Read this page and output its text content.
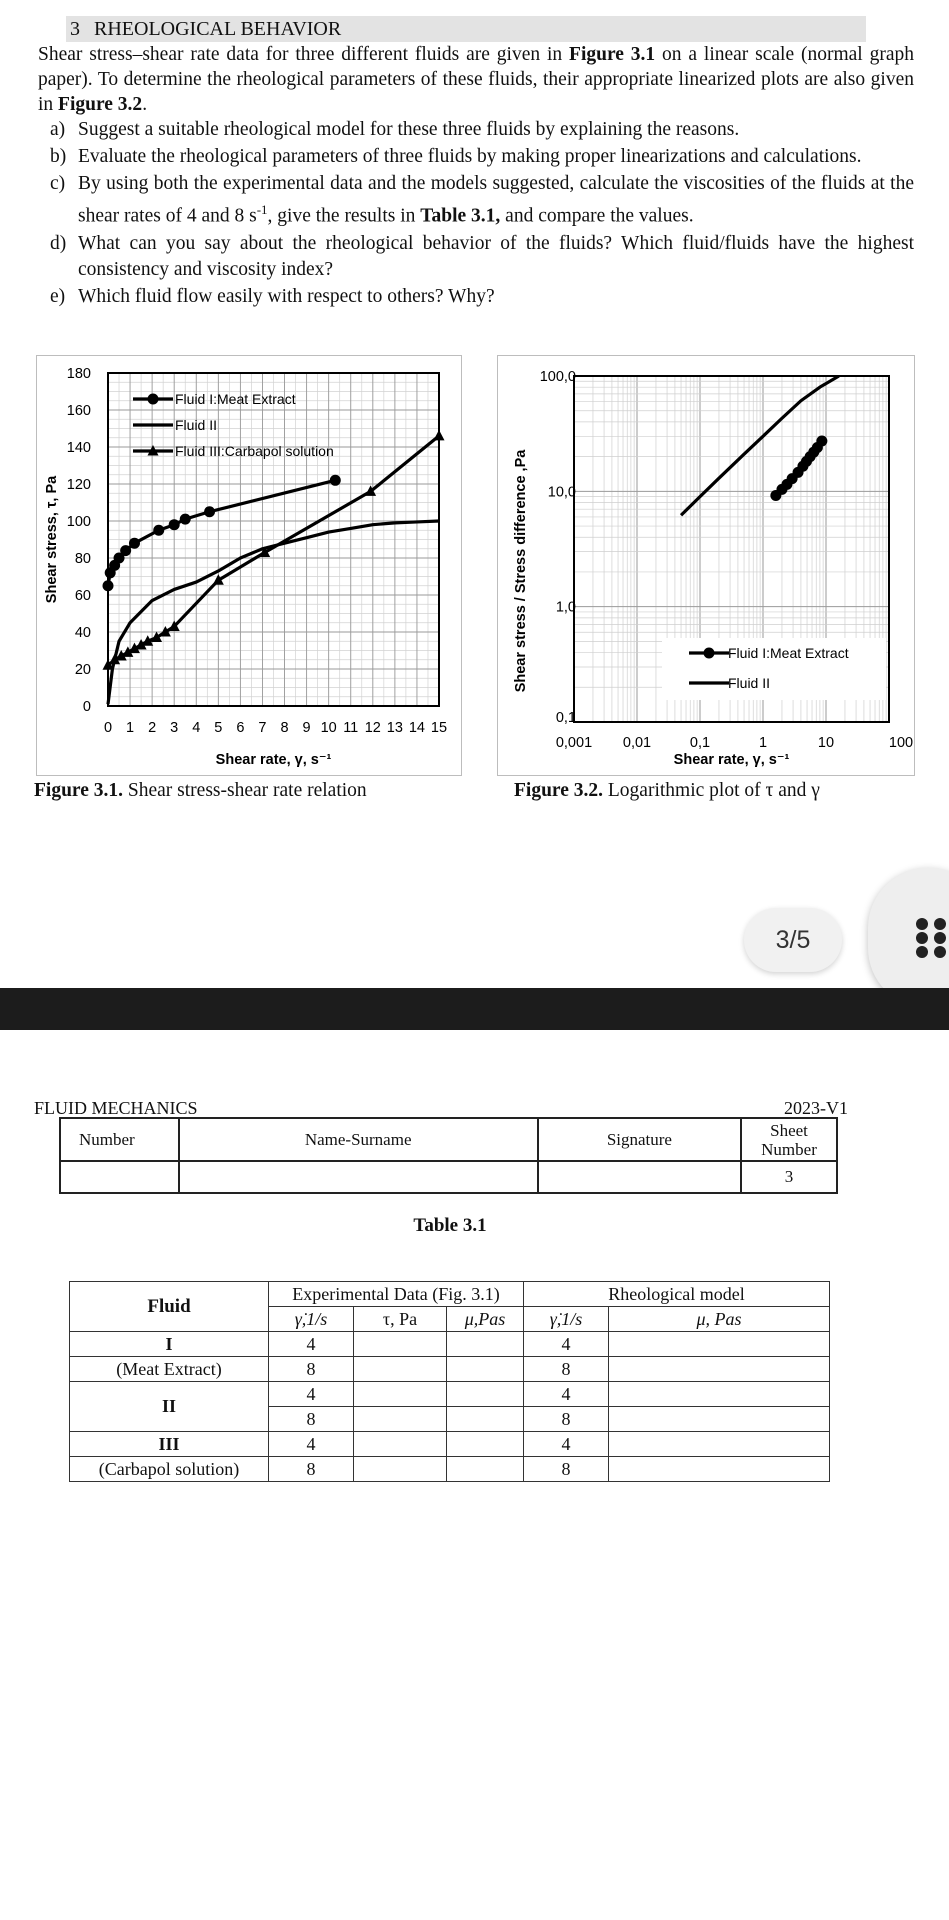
3 RHEOLOGICAL BEHAVIOR
Shear stress–shear rate data for three different fluids are given in Figure 3.1 on a linear scale (normal graph paper). To determine the rheological parameters of these fluids, their appropriate linearized plots are also given in Figure 3.2.
a) Suggest a suitable rheological model for these three fluids by explaining the reasons.
b) Evaluate the rheological parameters of three fluids by making proper linearizations and calculations.
c) By using both the experimental data and the models suggested, calculate the viscosities of the fluids at the shear rates of 4 and 8 $s^{-1}$, give the results in Table 3.1, and compare the values.
d) What can you say about the rheological behavior of the fluids? Which fluid/fluids have the highest consistency and viscosity index?
e) Which fluid flow easily with respect to others? Why?
0 1 2 3 4 5 6 7 8 9 10 11 12 13 14 15
0
20
40
60
80
100
120
140
160
180
Shear rate, γ, s⁻¹
Shear stress, τ, Pa
Fluid I:Meat Extract
Fluid II
Fluid III:Carbapol solution
Figure 3.1. Shear stress-shear rate relation
0,1
1,0
10,0
100,0
0,001 0,01	0,1	1	10	100
Shear rate, γ, s⁻¹
Shear stress / Stress difference ,Pa	Fluid I:Meat Extract
Fluid II
Figure 3.2. Logarithmic plot of τ and γ
3/5
FLUID MECHANICS	2023-V1
Number	Name-Surname	Signature	Sheet Number
			3
Table 3.1
Fluid	Experimental Data (Fig. 3.1)			Rheological model	
	γ̇,1/s	τ, Pa	μ,Pas	γ̇,1/s	μ, Pas
I	4			4	
(Meat Extract)	8			8	
II	4			4	
	8			8	
III	4			4	
(Carbapol solution)	8			8	
